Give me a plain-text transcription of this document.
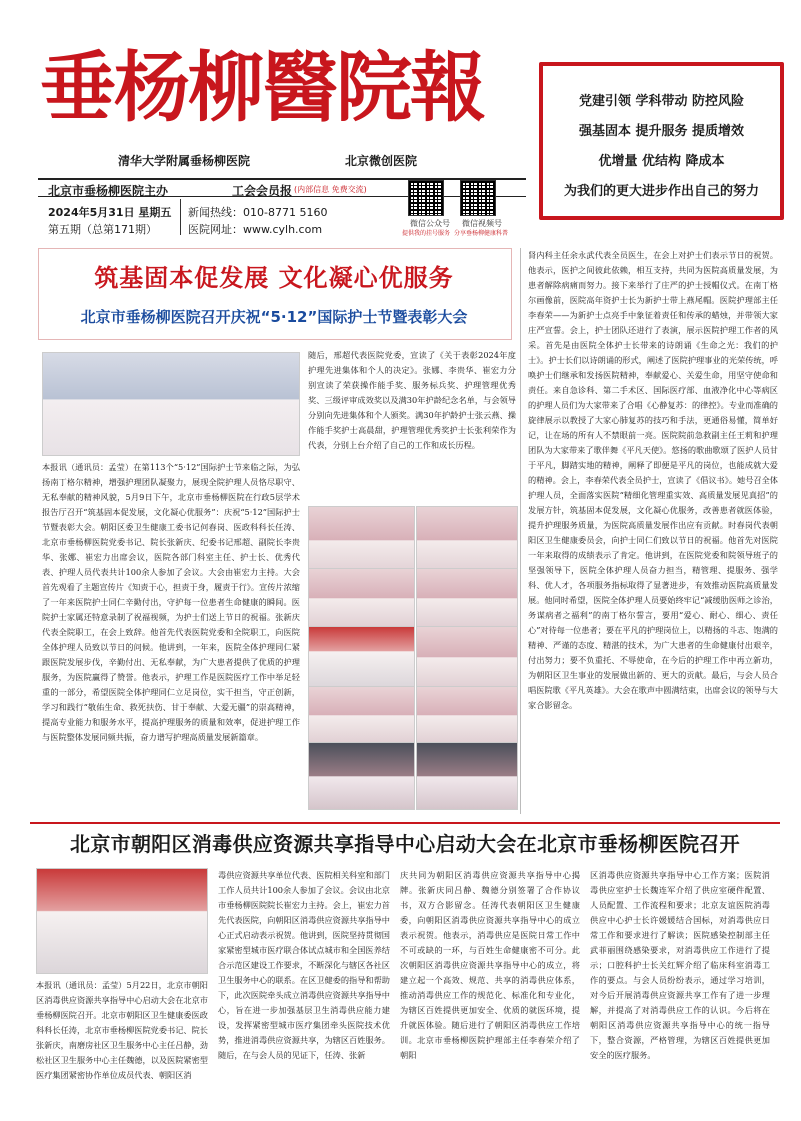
垂杨柳醫院報
清华大学附属垂杨柳医院	北京微创医院
党建引领 学科带动 防控风险
强基固本 提升服务 提质增效
优增量 优结构 降成本
为我们的更大进步作出自己的努力
北京市垂杨柳医院主办	工会会员报 (内部信息 免费交流)
2024年5月31日 星期五 新闻热线：010-8771 5160
第五期（总第171期）	医院网址：www.cylh.com	微信公众号
提供我的挂号服务
微信视频号
分享垂杨柳健康科普
筑基固本促发展 文化凝心优服务
北京市垂杨柳医院召开庆祝“5·12”国际护士节暨表彰大会
本报讯（通讯员：孟莹）在第113个“5·12”国际护士节来临之际，为弘扬南丁格尔精神，增强护理团队凝聚力，展现全院护理人员恪尽职守、无私奉献的精神风貌，5月9日下午，北京市垂杨柳医院在行政5层学术报告厅召开“筑基固本促发展，文化凝心优服务”：庆祝“5·12”国际护士节暨表彰大会。朝阳区委卫生健康工委书记何春岗、医政科科长任涛、北京市垂杨柳医院党委书记、院长张新庆、纪委书记邢超、副院长李贵华、张娜、崔宏力出席会议，医院各部门科室主任、护士长、优秀代表、护理人员代表共计100余人参加了会议。大会由崔宏力主持。大会首先观看了主题宣传片《知责于心，担责于身，履责于行》。宣传片浓缩了一年来医院护士同仁辛勤付出，守护每一位患者生命健康的瞬间。医院护士家属还特意录制了祝福视频，为护士们送上节日的祝福。张新庆代表全院职工，在会上致辞。他首先代表医院党委和全院职工，向医院全体护理人员致以节日的问候。他讲到，一年来，医院全体护理同仁紧跟医院发展步伐，辛勤付出、无私奉献，为广大患者提供了优质的护理服务，为医院赢得了赞誉。他表示，护理工作是医院医疗工作中举足轻重的一部分，希望医院全体护理同仁立足岗位，实干担当，守正创新，学习和践行“敬佑生命、救死扶伤、甘于奉献、大爱无疆”的崇高精神，提高专业能力和服务水平，提高护理服务的质量和效率，促进护理工作与医院整体发展同频共振，奋力谱写护理高质量发展新篇章。
随后，邢超代表医院党委，宣读了《关于表彰2024年度护理先进集体和个人的决定》。张娜、李贵华、崔宏力分别宣读了荣获操作能手奖、服务标兵奖、护理管理优秀奖、三级评审成效奖以及满30年护龄纪念名单，与会领导分别向先进集体和个人颁奖。满30年护龄护士张云燕、操作能手奖护士高晨甜，护理管理优秀奖护士长张利荣作为代表，分别上台介绍了自己的工作和成长历程。
肾内科主任余永武代表全员医生，在会上对护士们表示节日的祝贺。他表示，医护之间彼此依赖，相互支持，共同为医院高质量发展，为患者解除病痛而努力。接下来举行了庄严的护士授帽仪式。在南丁格尔画像前，医院高年资护士长为新护士带上燕尾帽。医院护理部主任李春荣——为新护士点亮手中象征着责任和传承的蜡烛，并带领大家庄严宣誓。会上，护士团队还进行了表演，展示医院护理工作者的风采。首先是由医院全体护士长带来的诗朗诵《生命之光：我们的护士》。护士长们以诗朗诵的形式，阐述了医院护理事业的光荣传统，呼唤护士们继承和发扬医院精神，奉献爱心、关爱生命，用坚守使命和责任。来自急诊科、第二手术区、国际医疗部、血液净化中心等病区的护理人员们为大家带来了合唱《心静复苏：的律控》。专业而准确的旋律展示以教授了大家心肺复苏的技巧和手法，更通俗易懂，简单好记，让在场的所有人不禁眼前一亮。医院院前急救副主任王莉和护理团队为大家带来了歌伴舞《平凡天使》。悠扬的歌曲歌颂了医护人员甘于平凡，脚踏实地的精神，阐释了即便是平凡的岗位，也能成就大爱的精神。会上，李春荣代表全员护士，宣读了《倡议书》。她号召全体护理人员，全面落实医院“精细化管理重实效、高质量发展见真招”的发展方针，筑基固本促发展，文化凝心优服务，改善患者就医体验，提升护理服务质量，为医院高质量发展作出应有贡献。时春岗代表朝阳区卫生健康委员会，向护士同仁们致以节日的祝福。他首先对医院一年来取得的成绩表示了肯定。他讲到，在医院党委和院领导班子的坚强领导下，医院全体护理人员奋力担当，精管理、提服务、强学科、优人才，各项服务指标取得了显著进步，有效推动医院高质量发展。他同时希望，医院全体护理人员要始终牢记“减缓肋医师之诊治，务谋病者之福利”的南丁格尔誓言，要用“爱心、耐心、细心、责任心”对待每一位患者；要在平凡的护理岗位上，以精扬的斗志、饱满的精神、严谨的态度、精湛的技术，为广大患者的生命健康付出艰辛，付出努力；要不负重托、不辱使命，在今后的护理工作中再立新功，为朝阳区卫生事业的发展做出新的、更大的贡献。最后，与会人员合唱医院歌《平凡英雄》。大会在歌声中圆满结束，出席会议的领导与大家合影留念。
北京市朝阳区消毒供应资源共享指导中心启动大会在北京市垂杨柳医院召开
本报讯（通讯员：孟莹）5月22日，北京市朝阳区消毒供应资源共享指导中心启动大会在北京市垂杨柳医院召开。北京市朝阳区卫生健康委医政科科长任涛，北京市垂杨柳医院党委书记、院长张新庆，南磨房社区卫生服务中心主任吕静，劲松社区卫生服务中心主任魏德，以及医院紧密型医疗集团紧密协作单位成员代表、朝阳区消
毒供应资源共享单位代表、医院相关科室和部门工作人员共计100余人参加了会议。会议由北京市垂杨柳医院院长崔宏力主持。会上，崔宏力首先代表医院，向朝阳区消毒供应资源共享指导中心正式启动表示祝贺。他讲到，医院坚持贯彻国家紧密型城市医疗联合体试点城市和全国医养结合示范区建设工作要求，不断深化与辖区各社区卫生服务中心的联系。在区卫健委的指导和帮助下，此次医院牵头成立消毒供应资源共享指导中心，旨在进一步加强基层卫生消毒供应能力建设，发挥紧密型城市医疗集团牵头医院技术优势，推进消毒供应资源共享，为辖区百姓服务。随后，在与会人员的见证下，任涛、张新
庆共同为朝阳区消毒供应资源共享指导中心揭牌。张新庆同吕静、魏德分别签署了合作协议书，双方合影留念。任涛代表朝阳区卫生健康委，向朝阳区消毒供应资源共享指导中心的成立表示祝贺。他表示，消毒供应是医院日常工作中不可或缺的一环，与百姓生命健康密不可分。此次朝阳区消毒供应资源共享指导中心的成立，将建立起一个高效、规范、共享的消毒供应体系，推动消毒供应工作的规范化、标准化和专业化，为辖区百姓提供更加安全、优质的就医环境，提升就医体验。随后进行了朝阳区消毒供应工作培训。北京市垂杨柳医院护理部主任李春荣介绍了朝阳
区消毒供应资源共享指导中心工作方案；医院消毒供应室护士长魏连军介绍了供应室硬件配置、人员配置、工作流程和要求；北京友谊医院消毒供应中心护士长许媛媛结合国标，对消毒供应日常工作和要求进行了解读；医院感染控制部主任武菲丽围绕感染要求，对消毒供应工作进行了提示；口腔科护士长关红辉介绍了临床科室消毒工作的要点。与会人员纷纷表示，通过学习培训，对今后开展消毒供应资源共享工作有了进一步理解，并提高了对消毒供应工作的认识。今后将在朝阳区消毒供应资源共享指导中心的统一指导下，整合资源，严格管理，为辖区百姓提供更加安全的医疗服务。
